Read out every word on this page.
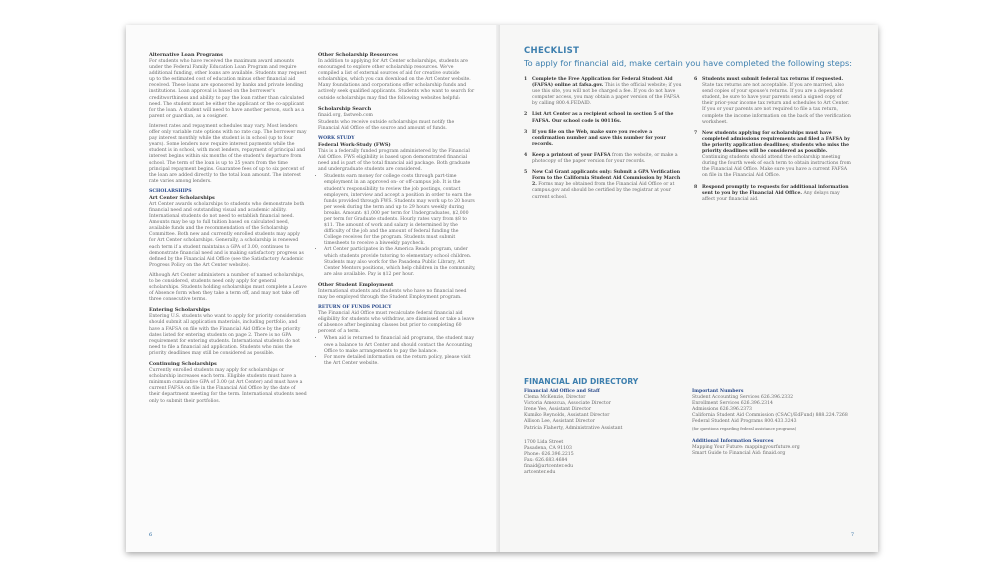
Alternative Loan Programs

For students who have received the maximum award amounts under the Federal Family Education Loan Program and require additional funding, other loans are available. Students may request up to the estimated cost of education minus other financial aid received. These loans are sponsored by banks and private lending institutions. Loan approval is based on the borrower's creditworthiness and ability to pay the loan rather than calculated need. The student must be either the applicant or the co-applicant for the loan. A student will need to have another person, such as a parent or guardian, as a cosigner.

Interest rates and repayment schedules may vary. Most lenders offer only variable rate options with no rate cap. The borrower may pay interest monthly while the student is in school (up to four years). Some lenders now require interest payments while the student is in school, with most lenders, repayment of principal and interest begins within six months of the student's departure from school. The term of the loan is up to 25 years from the time principal repayment begins. Guarantee fees of up to six percent of the loan are added directly to the total loan amount. The interest rate varies among lenders.

SCHOLARSHIPS
Art Center Scholarships

Art Center awards scholarships to students who demonstrate both financial need and outstanding visual and academic ability. International students do not need to establish financial need. Amounts may be up to full tuition based on calculated need, available funds and the recommendation of the Scholarship Committee. Both new and currently enrolled students may apply for Art Center scholarships. Generally, a scholarship is renewed each term if a student maintains a GPA of 3.00, continues to demonstrate financial need and is making satisfactory progress as defined by the Financial Aid Office (see the Satisfactory Academic Progress Policy on the Art Center website).

Although Art Center administers a number of named scholarships, to be considered, students need only apply for general scholarships. Students holding scholarships must complete a Leave of Absence form when they take a term off, and may not take off three consecutive terms.

Entering Scholarships

Entering U.S. students who want to apply for priority consideration should submit all application materials, including portfolio, and have a FAFSA on file with the Financial Aid Office by the priority dates listed for entering students on page 2. There is no GPA requirement for entering students. International students do not need to file a financial aid application. Students who miss the priority deadlines may still be considered as possible.

Continuing Scholarships

Currently enrolled students may apply for scholarships or scholarship increases each term. Eligible students must have a minimum cumulative GPA of 3.00 (at Art Center) and must have a current FAFSA on file in the Financial Aid Office by the date of their department meeting for the term. International students need only to submit their portfolios.

Other Scholarship Resources

In addition to applying for Art Center scholarships, students are encouraged to explore other scholarship resources. We've compiled a list of external sources of aid for creative outside scholarships, which you can download on the Art Center website. Many foundations and corporations offer scholarship funds and actively seek qualified applicants. Students who want to search for outside scholarships may find the following websites helpful:

Scholarship Search

finaid.org, fastweb.com

Students who receive outside scholarships must notify the Financial Aid Office of the source and amount of funds.

WORK STUDY
Federal Work-Study (FWS)

This is a federally funded program administered by the Financial Aid Office. FWS eligibility is based upon demonstrated financial need and is part of the total financial aid package. Both graduate and undergraduate students are considered.

• Students earn money for college costs through part-time employment in an approved on- or off-campus job. It is the student's responsibility to review the job postings, contact employers, interview and accept a position in order to earn the funds provided through FWS. Students may work up to 20 hours per week during the term and up to 29 hours weekly during breaks. Amount: $1,000 per term for Undergraduates, $2,000 per term for Graduate students. Hourly rates vary from $8 to $11. The amount of work and salary is determined by the difficulty of the job and the amount of federal funding the College receives for the program. Students must submit timesheets to receive a biweekly paycheck.
• Art Center participates in the America Reads program, under which students provide tutoring to elementary school children. Students may also work for the Pasadena Public Library, Art Center Mentors positions, which help children in the community, are also available. Pay is $12 per hour.
Other Student Employment

International students and students who have no financial need may be employed through the Student Employment program.

RETURN OF FUNDS POLICY

The Financial Aid Office must recalculate federal financial aid eligibility for students who withdraw, are dismissed or take a leave of absence after beginning classes but prior to completing 60 percent of a term.

• When aid is returned to financial aid programs, the student may owe a balance to Art Center and should contact the Accounting Office to make arrangements to pay the balance.
• For more detailed information on the return policy, please visit the Art Center website.
6
CHECKLIST
To apply for financial aid, make certain you have completed the following steps:
1 Complete the Free Application for Federal Student Aid (FAFSA) online at fafsa.gov. This is the official website; if you use this site, you will not be charged a fee. If you do not have computer access, you may obtain a paper version of the FAFSA by calling 800.4.FEDAID.
2 List Art Center as a recipient school in section 5 of the FAFSA. Our school code is 00116s.
3 If you file on the Web, make sure you receive a confirmation number and save this number for your records.
4 Keep a printout of your FAFSA from the website, or make a photocopy of the paper version for your records.
5 New Cal Grant applicants only: Submit a GPA Verification Form to the California Student Aid Commission by March 2. Forms may be obtained from the Financial Aid Office or at campus.gov and should be certified by the registrar at your current school.
6 Students must submit federal tax returns if requested. State tax returns are not acceptable. If you are married, also send copies of your spouse's returns. If you are a dependent student, be sure to have your parents send a signed copy of their prior-year income tax return and schedules to Art Center. If you or your parents are not required to file a tax return, complete the income information on the back of the verification worksheet.
7 New students applying for scholarships must have completed admissions requirements and filed a FAFSA by the priority application deadlines; students who miss the priority deadlines will be considered as possible. Continuing students should attend the scholarship meeting during the fourth week of each term to obtain instructions from the Financial Aid Office. Make sure you have a current FAFSA on file in the Financial Aid Office.
8 Respond promptly to requests for additional information sent to you by the Financial Aid Office. Any delays may affect your financial aid.
FINANCIAL AID DIRECTORY
Financial Aid Office and Staff
Clema McKenzie, Director
Victoria Amezcua, Associate Director
Irene Yee, Assistant Director
Kumiko Reynolds, Assistant Director
Allison Lee, Assistant Director
Patricia Flaherty, Administrative Assistant
1700 Lida Street
Pasadena, CA 91103
Phone: 626.396.2215
Fax: 626.683.4684
finaid@artcenter.edu
artcenter.edu
Important Numbers
Student Accounting Services 626.396.2332
Enrollment Services 626.396.2314
Admissions 626.396.2373
California Student Aid Commission (CSAC)/EdFund) 888.224.7268
Federal Student Aid Programs 800.433.3243
(for questions regarding federal assistance programs)
Additional Information Sources
Mapping Your Future: mappingyourfuture.org
Smart Guide to Financial Aid: finaid.org
7
